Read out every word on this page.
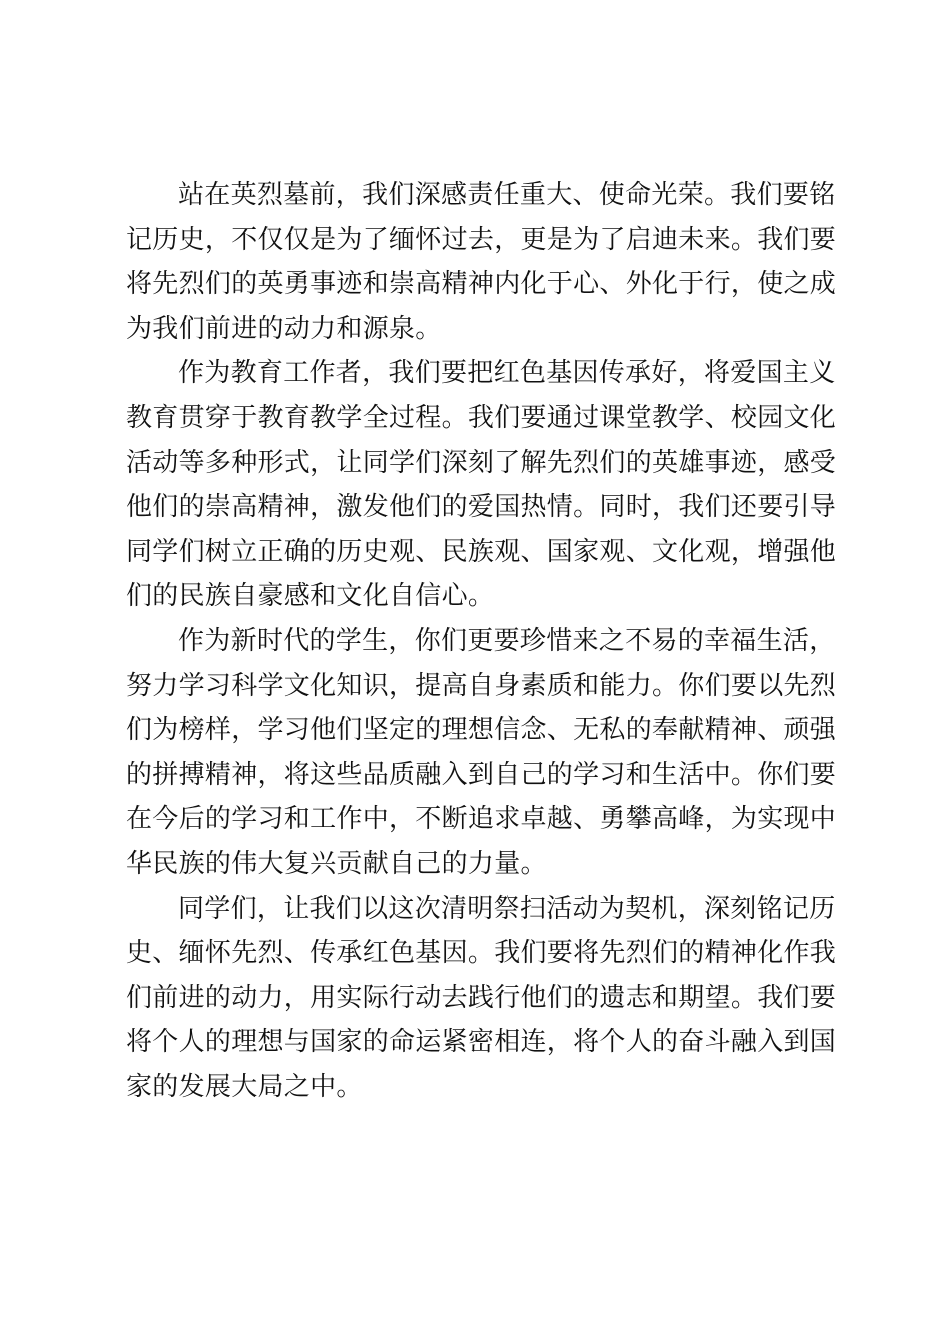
站在英烈墓前，我们深感责任重大、使命光荣。我们要铭
记历史，不仅仅是为了缅怀过去，更是为了启迪未来。我们要
将先烈们的英勇事迹和崇高精神内化于心、外化于行，使之成
为我们前进的动力和源泉。
作为教育工作者，我们要把红色基因传承好，将爱国主义
教育贯穿于教育教学全过程。我们要通过课堂教学、校园文化
活动等多种形式，让同学们深刻了解先烈们的英雄事迹，感受
他们的崇高精神，激发他们的爱国热情。同时，我们还要引导
同学们树立正确的历史观、民族观、国家观、文化观，增强他
们的民族自豪感和文化自信心。
作为新时代的学生，你们更要珍惜来之不易的幸福生活，
努力学习科学文化知识，提高自身素质和能力。你们要以先烈
们为榜样，学习他们坚定的理想信念、无私的奉献精神、顽强
的拼搏精神，将这些品质融入到自己的学习和生活中。你们要
在今后的学习和工作中，不断追求卓越、勇攀高峰，为实现中
华民族的伟大复兴贡献自己的力量。
同学们，让我们以这次清明祭扫活动为契机，深刻铭记历
史、缅怀先烈、传承红色基因。我们要将先烈们的精神化作我
们前进的动力，用实际行动去践行他们的遗志和期望。我们要
将个人的理想与国家的命运紧密相连，将个人的奋斗融入到国
家的发展大局之中。
